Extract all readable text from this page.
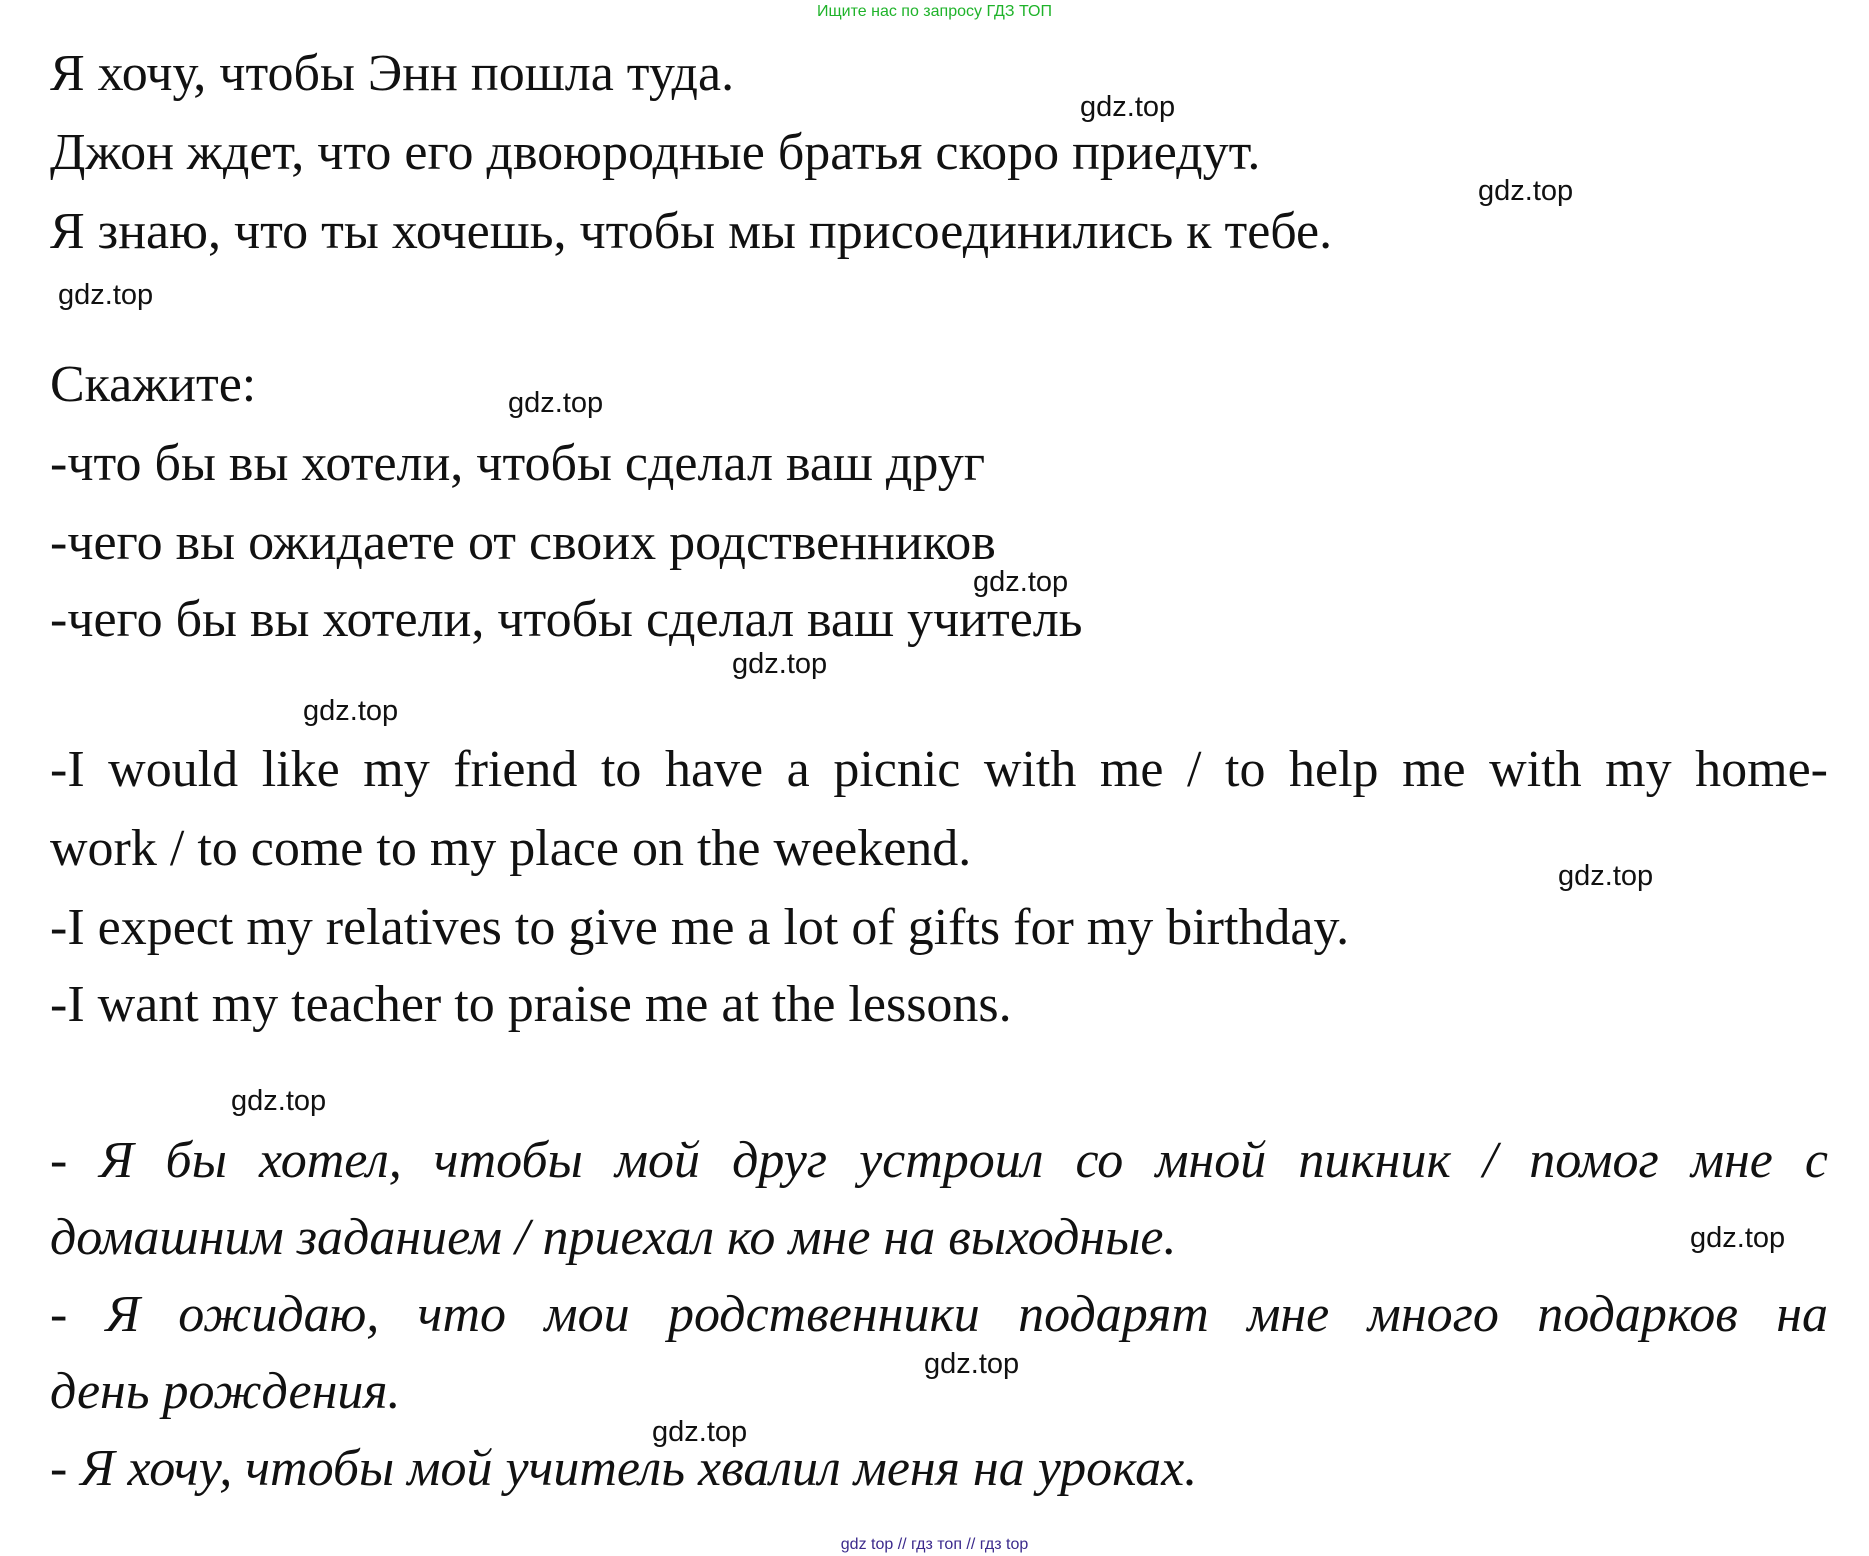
Ищите нас по запросу ГДЗ ТОП
Я хочу, чтобы Энн пошла туда.
Джон ждет, что его двоюродные братья скоро приедут.
Я знаю, что ты хочешь, чтобы мы присоединились к тебе.
Скажите:
-что бы вы хотели, чтобы сделал ваш друг
-чего вы ожидаете от своих родственников
-чего бы вы хотели, чтобы сделал ваш учитель
-I would like my friend to have a picnic with me / to help me with my home-
work / to come to my place on the weekend.
-I expect my relatives to give me a lot of gifts for my birthday.
-I want my teacher to praise me at the lessons.
- Я бы хотел, чтобы мой друг устроил со мной пикник / помог мне с
домашним заданием / приехал ко мне на выходные.
- Я ожидаю, что мои родственники подарят мне много подарков на
день рождения.
- Я хочу, чтобы мой учитель хвалил меня на уроках.
gdz.top
gdz.top
gdz.top
gdz.top
gdz.top
gdz.top
gdz.top
gdz.top
gdz.top
gdz.top
gdz.top
gdz.top
gdz top // гдз топ // гдз top
